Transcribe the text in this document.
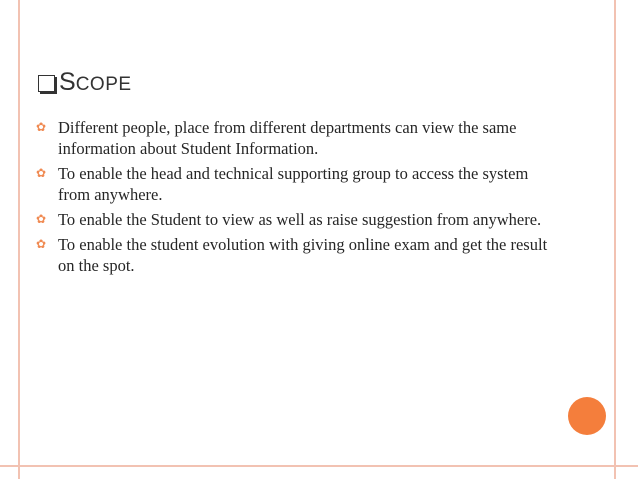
S COPE
✿ Different people, place from different departments can view the same information about Student Information.
✿ To enable the head and technical supporting group to access the system from anywhere.
✿ To enable the Student to view as well as raise suggestion from anywhere.
✿ To enable the student evolution with giving online exam and get the result on the spot.
